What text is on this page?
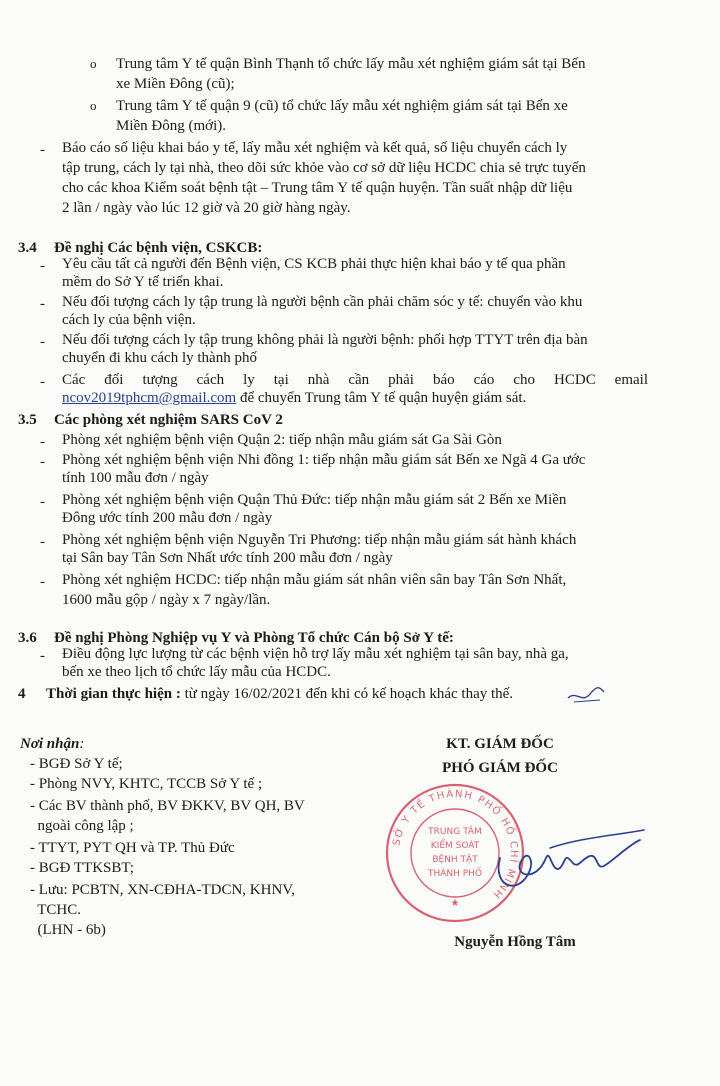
o Trung tâm Y tế quận Bình Thạnh tổ chức lấy mẫu xét nghiệm giám sát tại Bến
xe Miền Đông (cũ);
o Trung tâm Y tế quận 9 (cũ) tổ chức lấy mẫu xét nghiệm giám sát tại Bến xe
Miền Đông (mới).
- Báo cáo số liệu khai báo y tế, lấy mẫu xét nghiệm và kết quả, số liệu chuyển cách ly
tập trung, cách ly tại nhà, theo dõi sức khỏe vào cơ sở dữ liệu HCDC chia sẻ trực tuyến
cho các khoa Kiểm soát bệnh tật – Trung tâm Y tế quận huyện. Tần suất nhập dữ liệu
2 lần / ngày vào lúc 12 giờ và 20 giờ hàng ngày.
3.4 Đề nghị Các bệnh viện, CSKCB:
- Yêu cầu tất cả người đến Bệnh viện, CS KCB phải thực hiện khai báo y tế qua phần
mềm do Sở Y tế triển khai.
- Nếu đối tượng cách ly tập trung là người bệnh cần phải chăm sóc y tế: chuyển vào khu
cách ly của bệnh viện.
- Nếu đối tượng cách ly tập trung không phải là người bệnh: phối hợp TTYT trên địa bàn
chuyển đi khu cách ly thành phố
- Các đối tượng cách ly tại nhà cần phải báo cáo cho HCDC email
ncov2019tphcm@gmail.com để chuyển Trung tâm Y tế quận huyện giám sát.
3.5 Các phòng xét nghiệm SARS CoV 2
- Phòng xét nghiệm bệnh viện Quận 2: tiếp nhận mẫu giám sát Ga Sài Gòn
- Phòng xét nghiệm bệnh viện Nhi đồng 1: tiếp nhận mẫu giám sát Bến xe Ngã 4 Ga ước
tính 100 mẫu đơn / ngày
- Phòng xét nghiệm bệnh viện Quận Thủ Đức: tiếp nhận mẫu giám sát 2 Bến xe Miền
Đông ước tính 200 mẫu đơn / ngày
- Phòng xét nghiệm bệnh viện Nguyễn Tri Phương: tiếp nhận mẫu giám sát hành khách
tại Sân bay Tân Sơn Nhất ước tính 200 mẫu đơn / ngày
- Phòng xét nghiệm HCDC: tiếp nhận mẫu giám sát nhân viên sân bay Tân Sơn Nhất,
1600 mẫu gộp / ngày x 7 ngày/lần.
3.6 Đề nghị Phòng Nghiệp vụ Y và Phòng Tổ chức Cán bộ Sở Y tế:
- Điều động lực lượng từ các bệnh viện hỗ trợ lấy mẫu xét nghiệm tại sân bay, nhà ga,
bến xe theo lịch tổ chức lấy mẫu của HCDC.
4 Thời gian thực hiện : từ ngày 16/02/2021 đến khi có kế hoạch khác thay thế.
Nơi nhận:
- BGĐ Sở Y tế;
- Phòng NVY, KHTC, TCCB Sở Y tế ;
- Các BV thành phố, BV ĐKKV, BV QH, BV
ngoài công lập ;
- TTYT, PYT QH và TP. Thủ Đức
- BGĐ TTKSBT;
- Lưu: PCBTN, XN-CĐHA-TDCN, KHNV,
TCHC.
(LHN - 6b)
KT. GIÁM ĐỐC
PHÓ GIÁM ĐỐC
SỞ Y TẾ THÀNH PHỐ HỒ CHÍ MINH
TRUNG TÂM
KIỂM SOÁT
BỆNH TẬT
THÀNH PHỐ
★
Nguyễn Hồng Tâm
